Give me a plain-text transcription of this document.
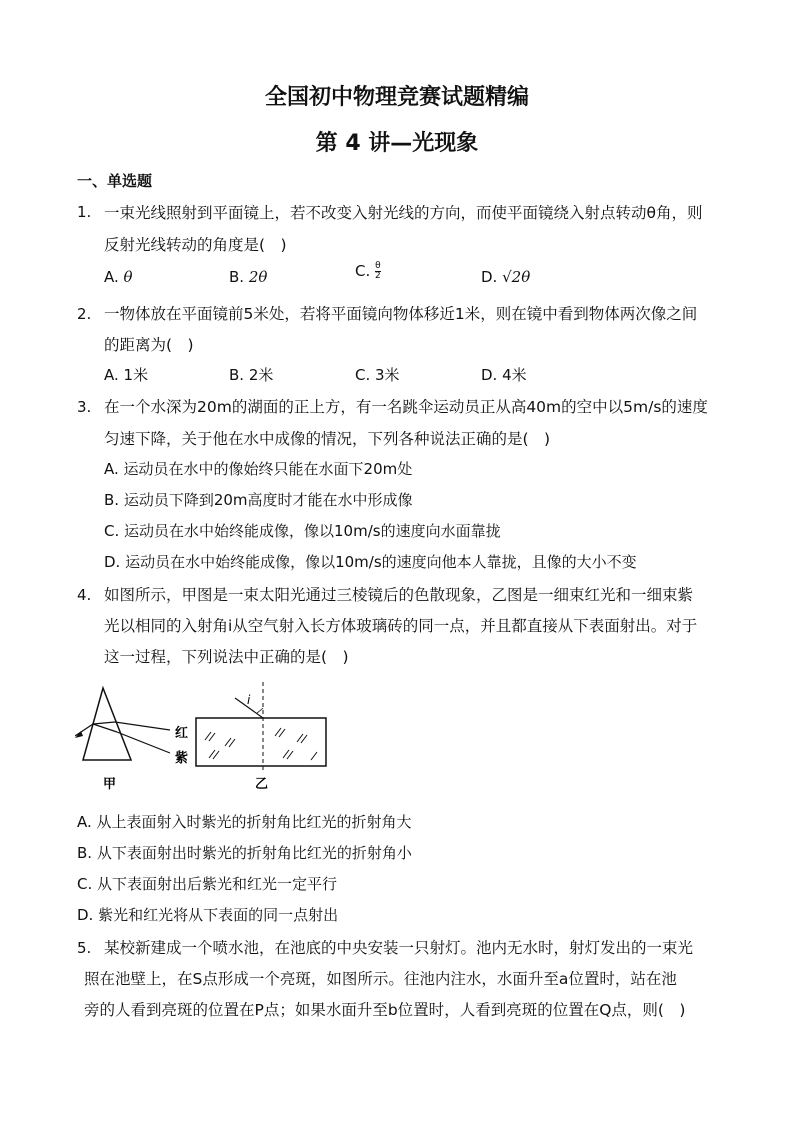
全国初中物理竞赛试题精编
第 4 讲—光现象
一、单选题
1. 一束光线照射到平面镜上，若不改变入射光线的方向，而使平面镜绕入射点转动θ角，则
反射光线转动的角度是(　)
A. θ	B. 2θ	C. $\frac{\theta}{2}$	D. √2θ
2. 一物体放在平面镜前5米处，若将平面镜向物体移近1米，则在镜中看到物体两次像之间
的距离为(　)
A. 1米	B. 2米	C. 3米	D. 4米
3. 在一个水深为20m的湖面的正上方，有一名跳伞运动员正从高40m的空中以5m/s的速度
匀速下降，关于他在水中成像的情况，下列各种说法正确的是(　)
A. 运动员在水中的像始终只能在水面下20m处
B. 运动员下降到20m高度时才能在水中形成像
C. 运动员在水中始终能成像，像以10m/s的速度向水面靠拢
D. 运动员在水中始终能成像，像以10m/s的速度向他本人靠拢，且像的大小不变
4. 如图所示，甲图是一束太阳光通过三棱镜后的色散现象，乙图是一细束红光和一细束紫
光以相同的入射角i从空气射入长方体玻璃砖的同一点，并且都直接从下表面射出。对于
这一过程，下列说法中正确的是(　)
红
紫
甲
i
乙
A. 从上表面射入时紫光的折射角比红光的折射角大
B. 从下表面射出时紫光的折射角比红光的折射角小
C. 从下表面射出后紫光和红光一定平行
D. 紫光和红光将从下表面的同一点射出
5. 某校新建成一个喷水池，在池底的中央安装一只射灯。池内无水时，射灯发出的一束光
照在池壁上，在S点形成一个亮斑，如图所示。往池内注水，水面升至a位置时，站在池
旁的人看到亮斑的位置在P点；如果水面升至b位置时，人看到亮斑的位置在Q点，则(　)
